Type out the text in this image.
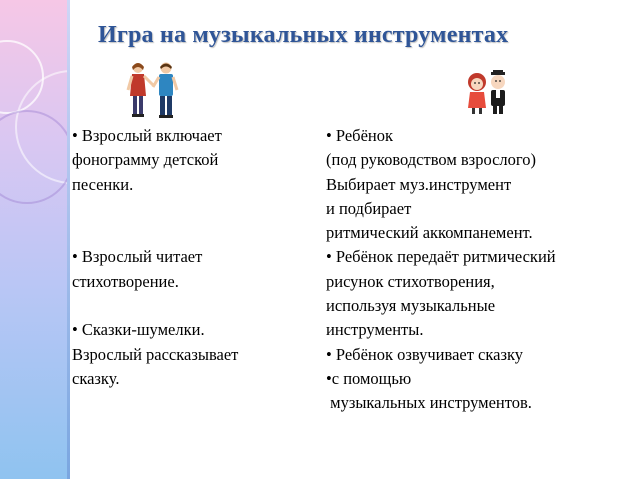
Игра на музыкальных инструментах
• Взрослый включает
фонограмму детской
песенки.
• Взрослый читает
стихотворение.
• Сказки-шумелки.
Взрослый рассказывает
сказку.
• Ребёнок
(под руководством взрослого)
Выбирает муз.инструмент
и подбирает
ритмический аккомпанемент.
• Ребёнок передаёт ритмический
рисунок стихотворения,
используя музыкальные
инструменты.
• Ребёнок озвучивает сказку
•с помощью
музыкальных инструментов.
